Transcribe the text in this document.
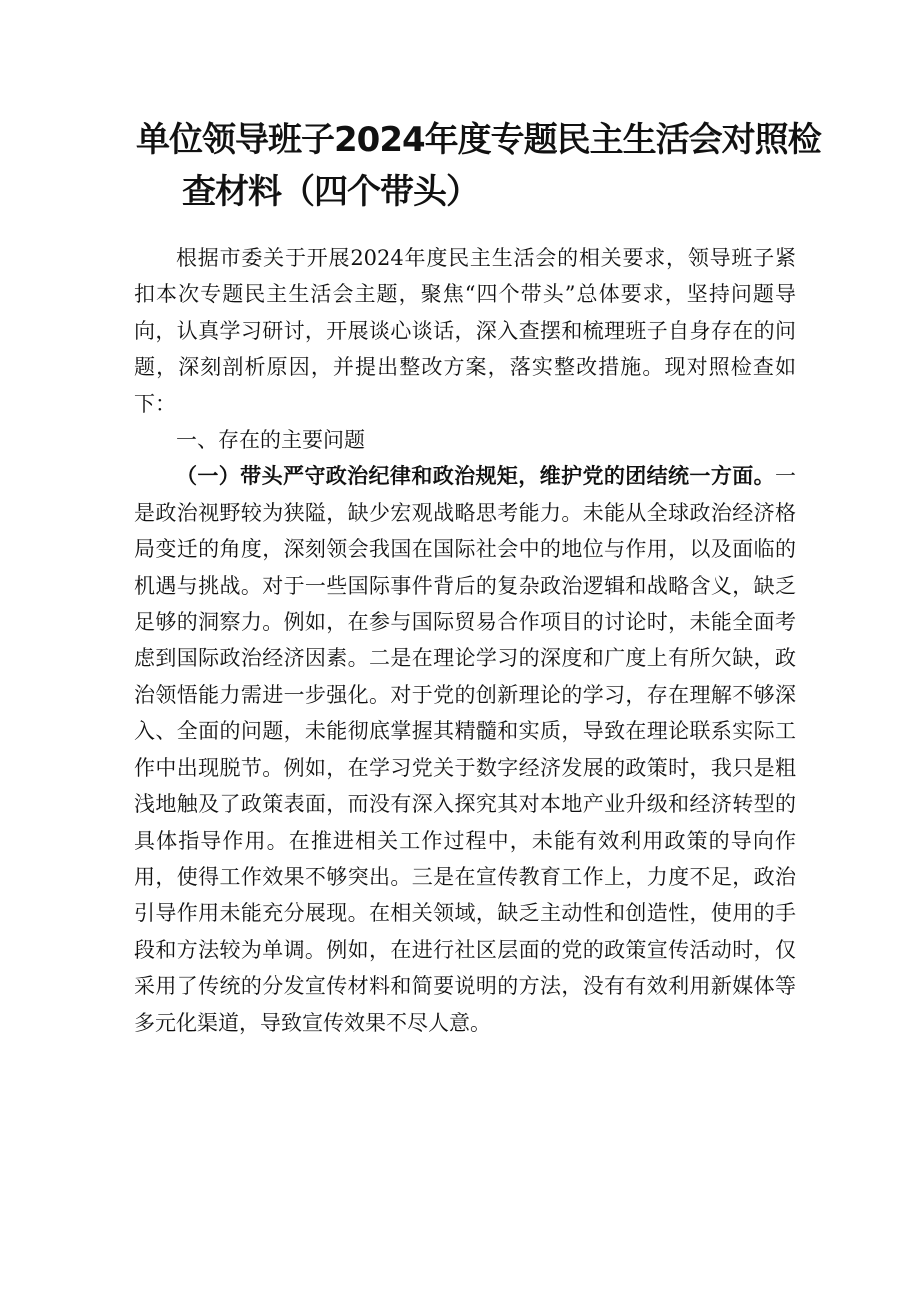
单位领导班子2024年度专题民主生活会对照检
查材料（四个带头）

根据市委关于开展2024年度民主生活会的相关要求，领导班子紧扣本次专题民主生活会主题，聚焦“四个带头”总体要求，坚持问题导向，认真学习研讨，开展谈心谈话，深入查摆和梳理班子自身存在的问题，深刻剖析原因，并提出整改方案，落实整改措施。现对照检查如下：

一、存在的主要问题

（一）带头严守政治纪律和政治规矩，维护党的团结统一方面。一是政治视野较为狭隘，缺少宏观战略思考能力。未能从全球政治经济格局变迁的角度，深刻领会我国在国际社会中的地位与作用，以及面临的机遇与挑战。对于一些国际事件背后的复杂政治逻辑和战略含义，缺乏足够的洞察力。例如，在参与国际贸易合作项目的讨论时，未能全面考虑到国际政治经济因素。二是在理论学习的深度和广度上有所欠缺，政治领悟能力需进一步强化。对于党的创新理论的学习，存在理解不够深入、全面的问题，未能彻底掌握其精髓和实质，导致在理论联系实际工作中出现脱节。例如，在学习党关于数字经济发展的政策时，我只是粗浅地触及了政策表面，而没有深入探究其对本地产业升级和经济转型的具体指导作用。在推进相关工作过程中，未能有效利用政策的导向作用，使得工作效果不够突出。三是在宣传教育工作上，力度不足，政治引导作用未能充分展现。在相关领域，缺乏主动性和创造性，使用的手段和方法较为单调。例如，在进行社区层面的党的政策宣传活动时，仅采用了传统的分发宣传材料和简要说明的方法，没有有效利用新媒体等多元化渠道，导致宣传效果不尽人意。
